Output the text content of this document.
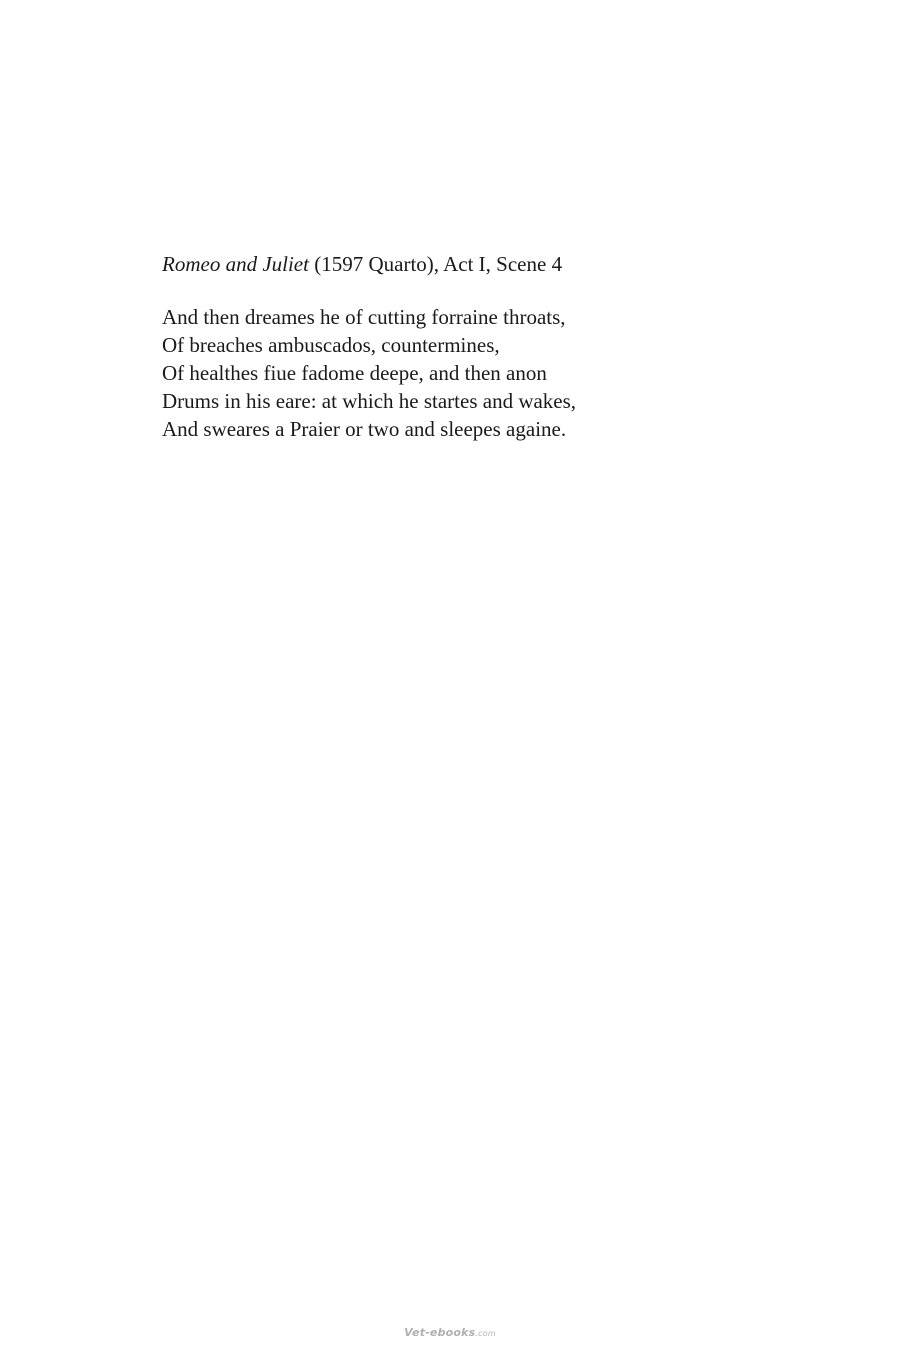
Romeo and Juliet (1597 Quarto), Act I, Scene 4
And then dreames he of cutting forraine throats,
Of breaches ambuscados, countermines,
Of healthes fiue fadome deepe, and then anon
Drums in his eare: at which he startes and wakes,
And sweares a Praier or two and sleepes againe.
Vet-ebooks.com
